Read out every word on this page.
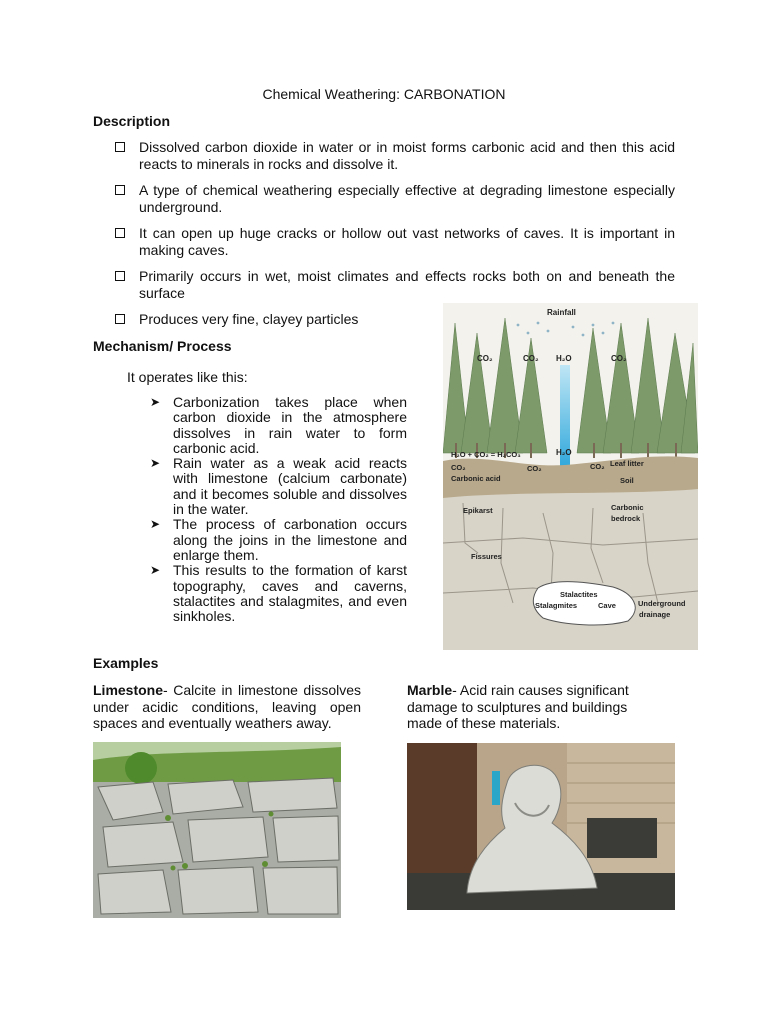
Chemical Weathering: CARBONATION
Description
Dissolved carbon dioxide in water or in moist forms carbonic acid and then this acid reacts to minerals in rocks and dissolve it.
A type of chemical weathering especially effective at degrading limestone especially underground.
It can open up huge cracks or hollow out vast networks of caves. It is important in making caves.
Primarily occurs in wet, moist climates and effects rocks both on and beneath the surface
Produces very fine, clayey particles
Mechanism/ Process
It operates like this:
➤ Carbonization takes place when carbon dioxide in the atmosphere dissolves in rain water to form carbonic acid.
➤ Rain water as a weak acid reacts with limestone (calcium carbonate) and it becomes soluble and dissolves in the water.
➤ The process of carbonation occurs along the joins in the limestone and enlarge them.
➤ This results to the formation of karst topography, caves and caverns, stalactites and stalagmites, and even sinkholes.
Rainfall
CO₂	CO₂ H₂O	CO₂
H₂O + CO₂ = H₂CO₃	H₂O
CO₂	CO₂
Carbonic acid
CO₂ Leaf litter
Soil
Epikarst	Carbonic
bedrock
Fissures
Stalactites
Stalagmites	Cave	Underground
drainage
Examples
Limestone- Calcite in limestone dissolves under acidic conditions, leaving open spaces and eventually weathers away.
Marble- Acid rain causes significant damage to sculptures and buildings made of these materials.
